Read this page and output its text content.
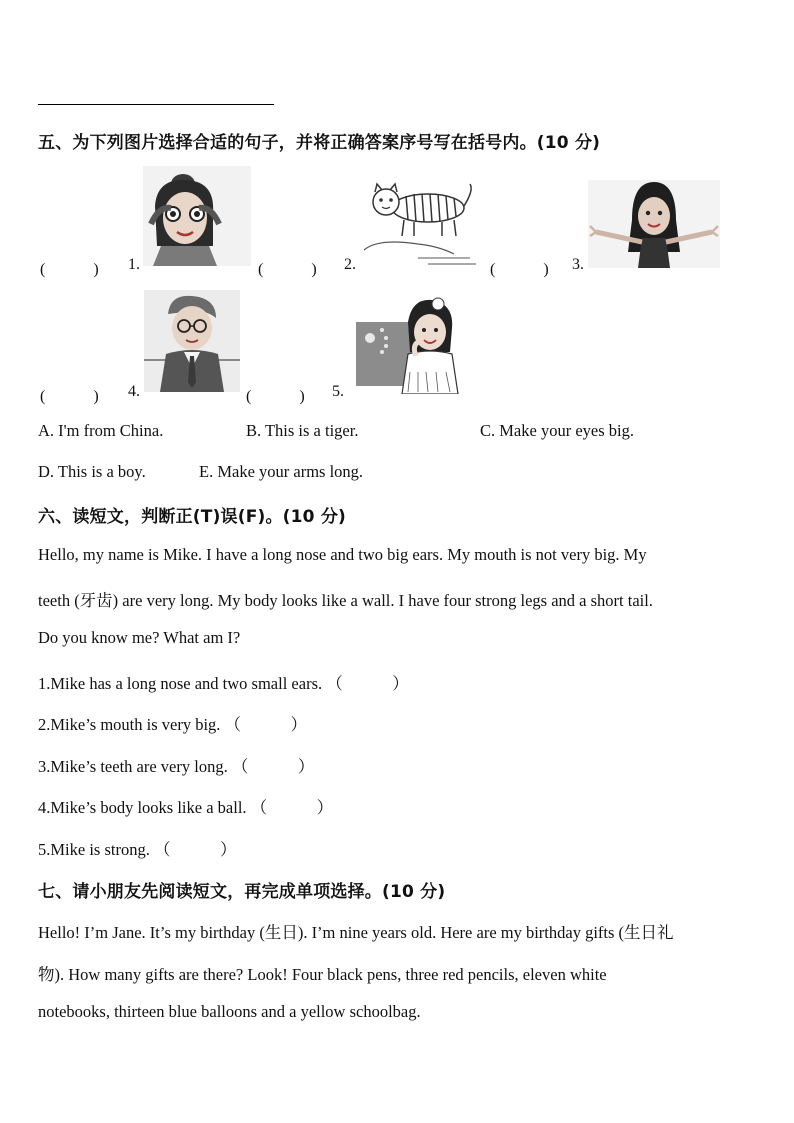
五、为下列图片选择合适的句子，并将正确答案序号写在括号内。(10 分)
(　　　) 1.	(　　　) 2.	(　　　) 3.
(　　　) 4.	(　　　) 5.
A. I'm from China.	B. This is a tiger.	C. Make your eyes big.
D. This is a boy.	E. Make your arms long.
六、读短文，判断正(T)误(F)。(10 分)
Hello, my name is Mike. I have a long nose and two big ears. My mouth is not very big. My
teeth (牙齿) are very long. My body looks like a wall. I have four strong legs and a short tail.
Do you know me? What am I?
1.Mike has a long nose and two small ears. （　　　）
2.Mike’s mouth is very big. （　　　）
3.Mike’s teeth are very long. （　　　）
4.Mike’s body looks like a ball. （　　　）
5.Mike is strong. （　　　）
七、请小朋友先阅读短文，再完成单项选择。(10 分)
Hello! I’m Jane. It’s my birthday (生日). I’m nine years old. Here are my birthday gifts (生日礼
物). How many gifts are there? Look! Four black pens, three red pencils, eleven white
notebooks, thirteen blue balloons and a yellow schoolbag.
